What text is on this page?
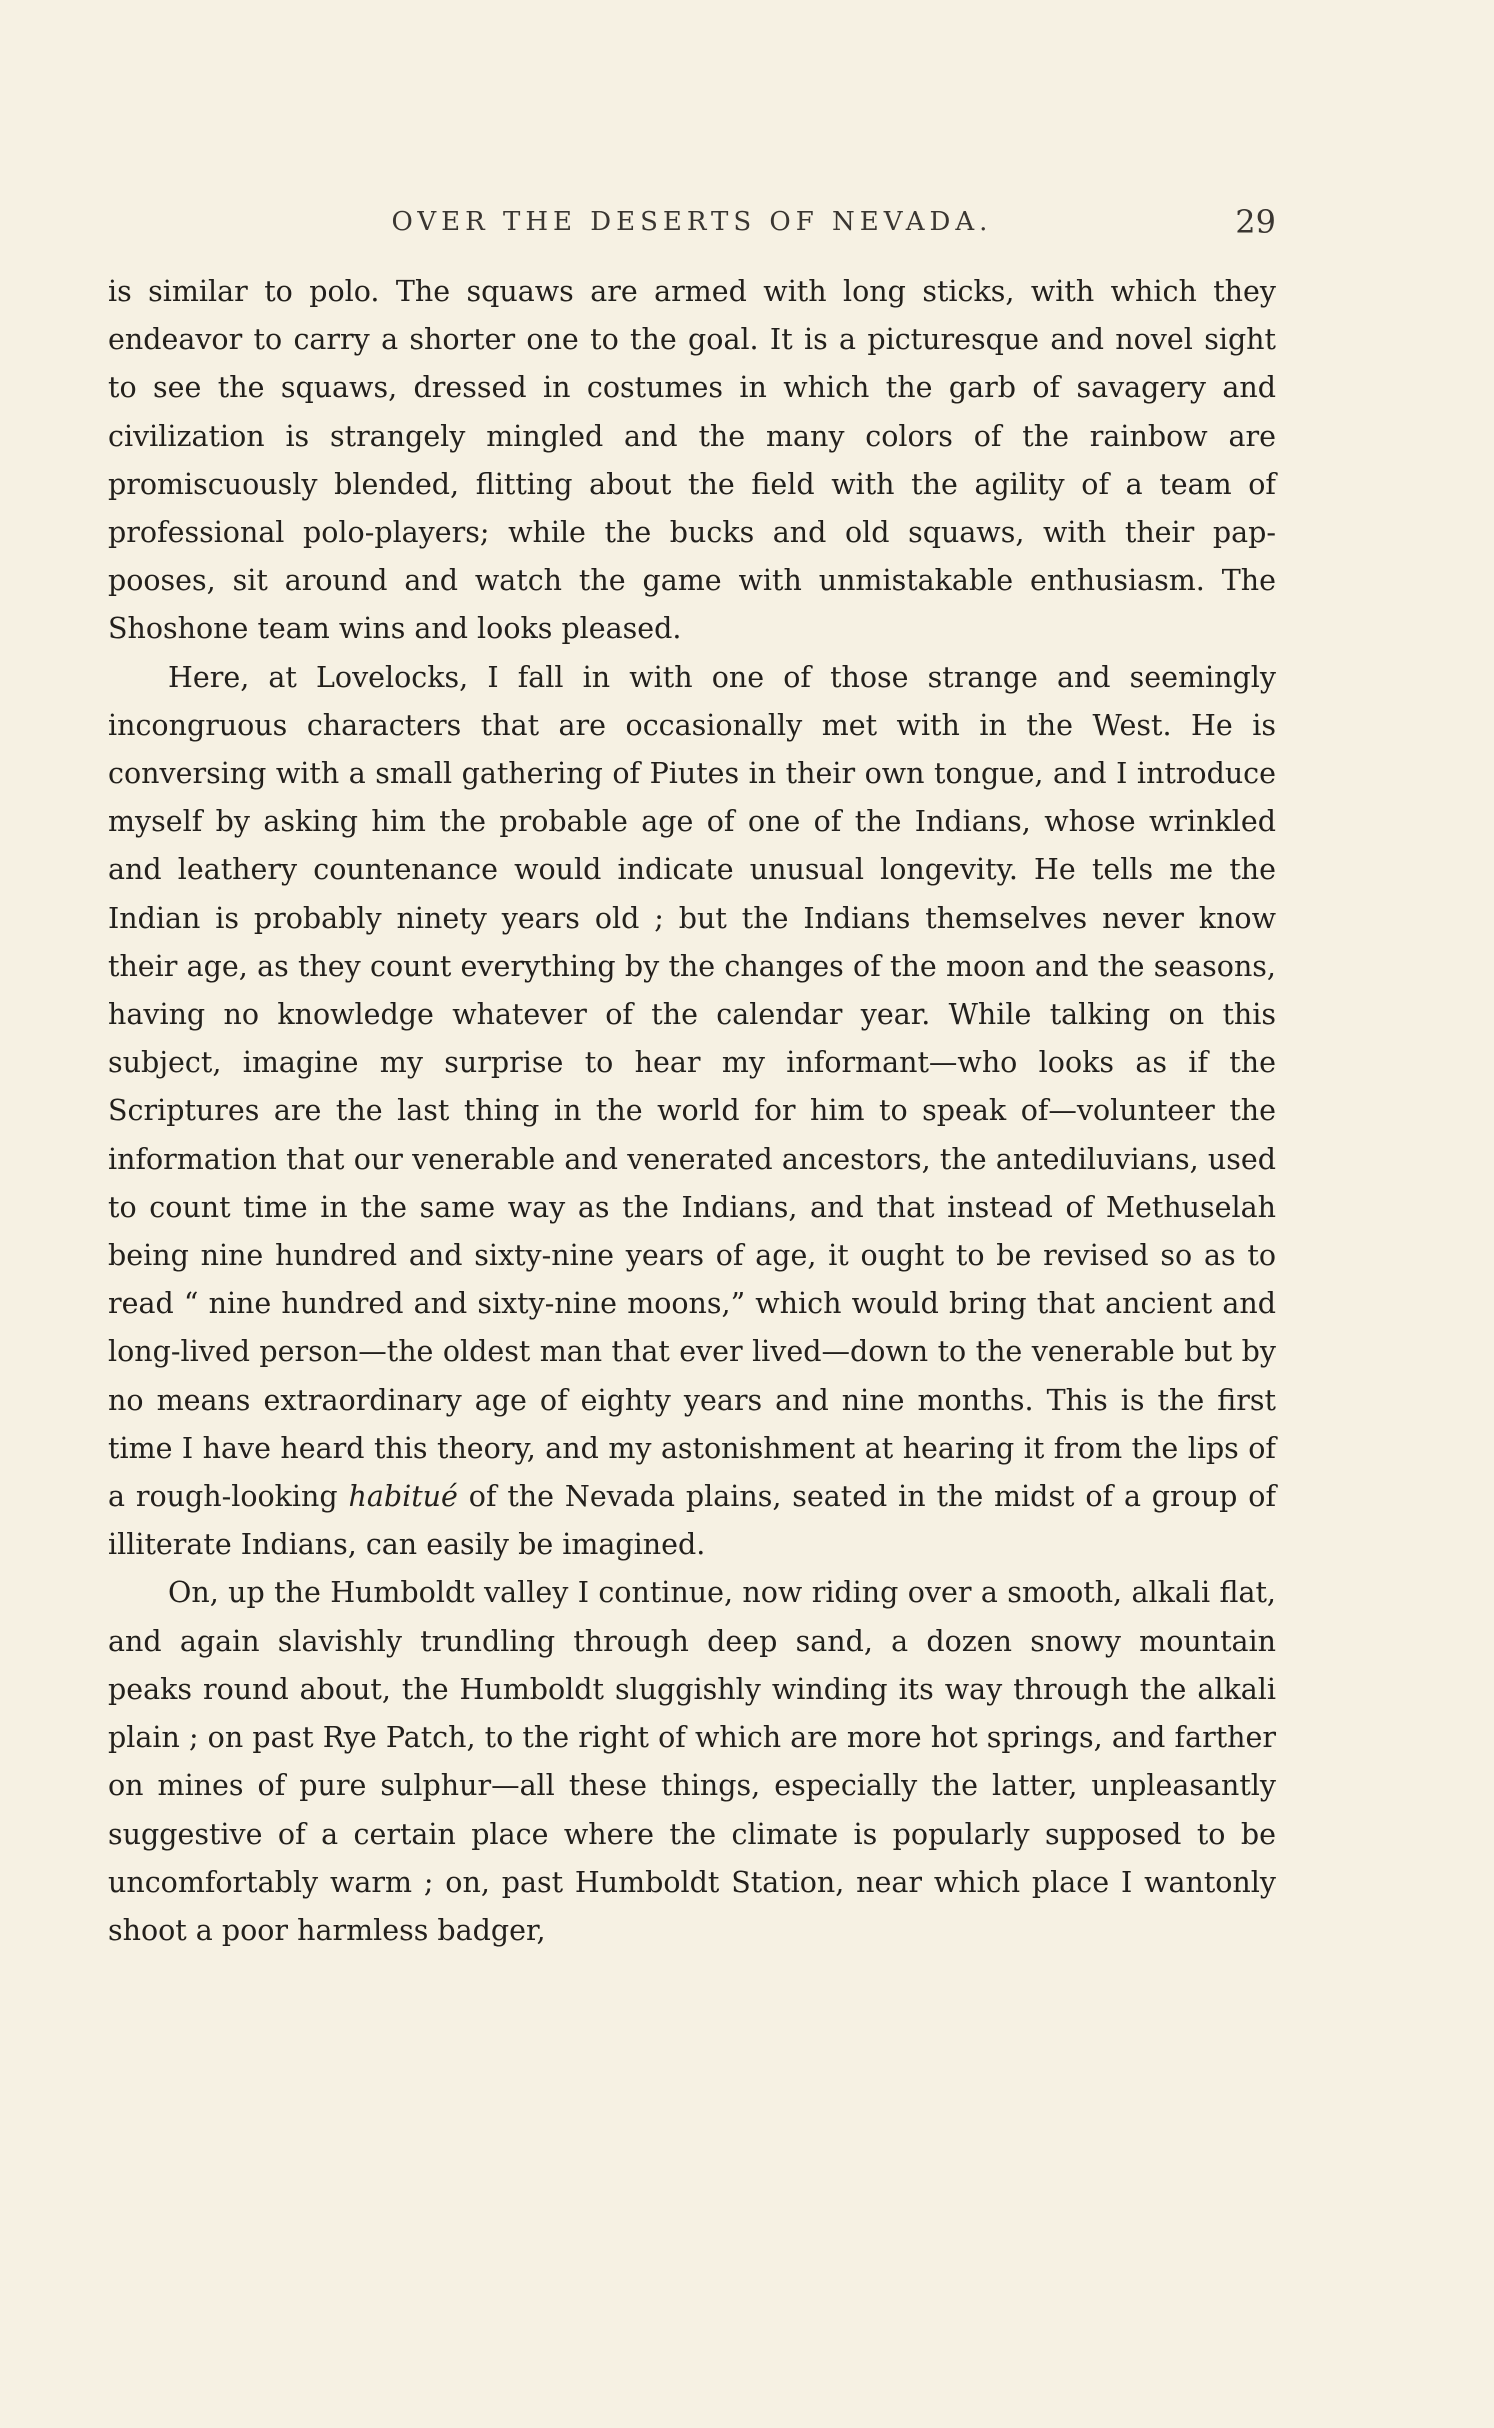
OVER THE DESERTS OF NEVADA.	29

is similar to polo. The squaws are armed with long sticks, with which they endeavor to carry a shorter one to the goal. It is a picturesque and novel sight to see the squaws, dressed in costumes in which the garb of savagery and civilization is strangely mingled and the many colors of the rainbow are promiscuously blended, flitting about the field with the agility of a team of professional polo-players; while the bucks and old squaws, with their pappooses, sit around and watch the game with unmistakable enthusiasm. The Shoshone team wins and looks pleased.

Here, at Lovelocks, I fall in with one of those strange and seemingly incongruous characters that are occasionally met with in the West. He is conversing with a small gathering of Piutes in their own tongue, and I introduce myself by asking him the probable age of one of the Indians, whose wrinkled and leathery countenance would indicate unusual longevity. He tells me the Indian is probably ninety years old ; but the Indians themselves never know their age, as they count everything by the changes of the moon and the seasons, having no knowledge whatever of the calendar year. While talking on this subject, imagine my surprise to hear my informant—who looks as if the Scriptures are the last thing in the world for him to speak of—volunteer the information that our venerable and venerated ancestors, the antediluvians, used to count time in the same way as the Indians, and that instead of Methuselah being nine hundred and sixty-nine years of age, it ought to be revised so as to read “ nine hundred and sixty-nine moons,” which would bring that ancient and long-lived person—the oldest man that ever lived—down to the venerable but by no means extraordinary age of eighty years and nine months. This is the first time I have heard this theory, and my astonishment at hearing it from the lips of a rough-looking habitué of the Nevada plains, seated in the midst of a group of illiterate Indians, can easily be imagined.

On, up the Humboldt valley I continue, now riding over a smooth, alkali flat, and again slavishly trundling through deep sand, a dozen snowy mountain peaks round about, the Humboldt sluggishly winding its way through the alkali plain ; on past Rye Patch, to the right of which are more hot springs, and farther on mines of pure sulphur—all these things, especially the latter, unpleasantly suggestive of a certain place where the climate is popularly supposed to be uncomfortably warm ; on, past Humboldt Station, near which place I wantonly shoot a poor harmless badger,
